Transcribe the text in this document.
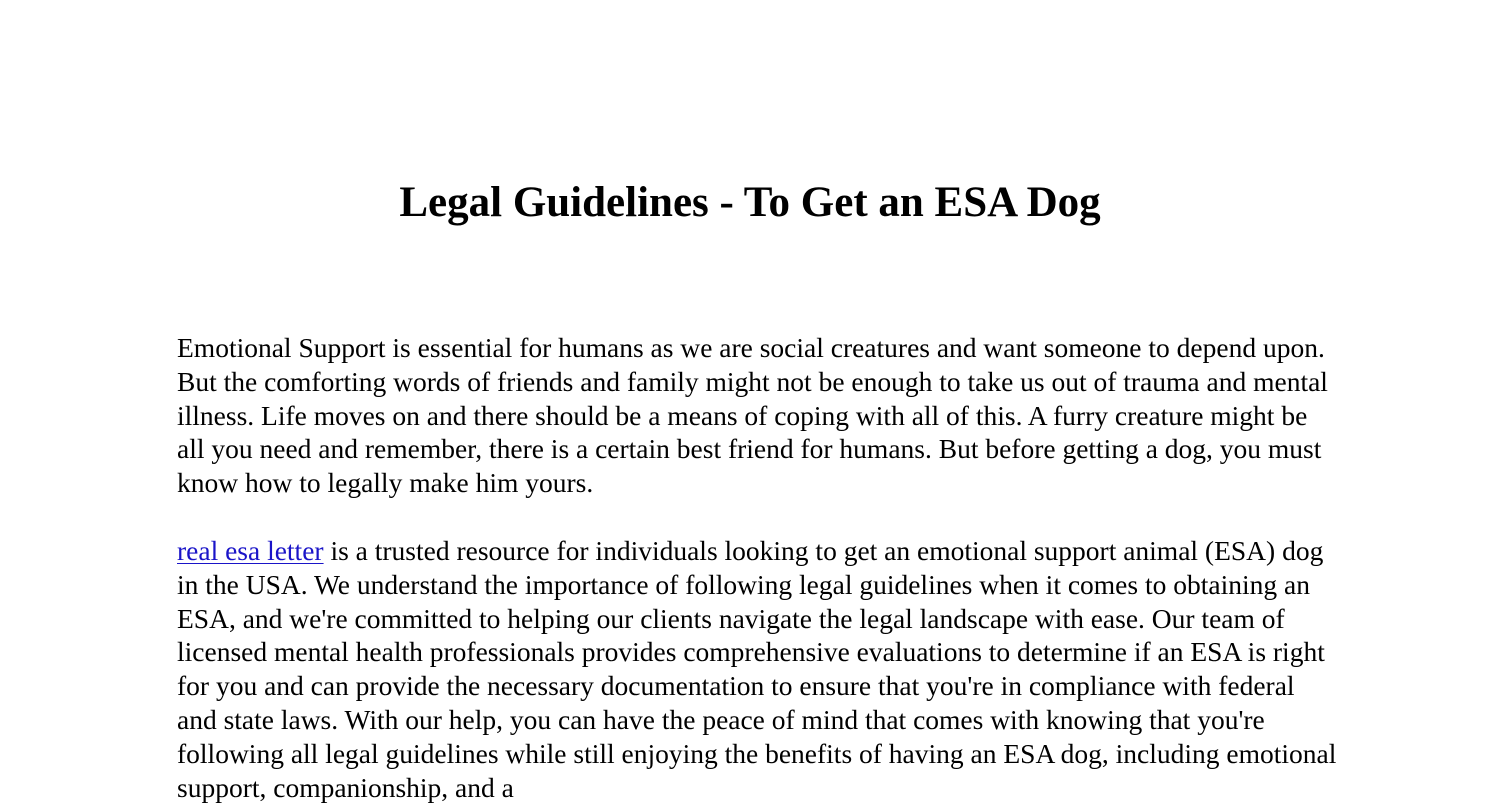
Legal Guidelines - To Get an ESA Dog

Emotional Support is essential for humans as we are social creatures and want someone to depend upon. But the comforting words of friends and family might not be enough to take us out of trauma and mental illness. Life moves on and there should be a means of coping with all of this. A furry creature might be all you need and remember, there is a certain best friend for humans. But before getting a dog, you must know how to legally make him yours.

real esa letter is a trusted resource for individuals looking to get an emotional support animal (ESA) dog in the USA. We understand the importance of following legal guidelines when it comes to obtaining an ESA, and we're committed to helping our clients navigate the legal landscape with ease. Our team of licensed mental health professionals provides comprehensive evaluations to determine if an ESA is right for you and can provide the necessary documentation to ensure that you're in compliance with federal and state laws. With our help, you can have the peace of mind that comes with knowing that you're following all legal guidelines while still enjoying the benefits of having an ESA dog, including emotional support, companionship, and a
